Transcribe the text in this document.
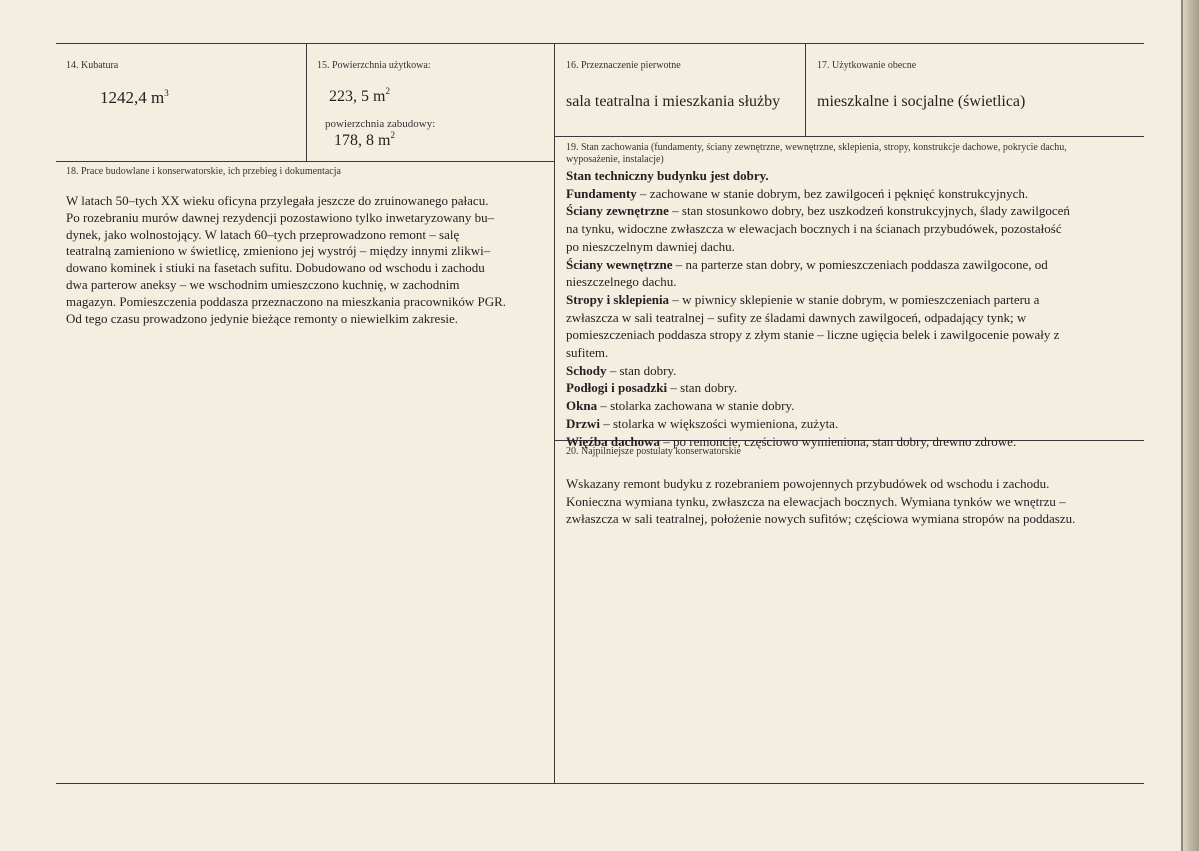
14. Kubatura
1242,4 $m^3$
15. Powierzchnia użytkowa:
223, 5 $m^2$
powierzchnia zabudowy:
178, 8 $m^2$
16. Przeznaczenie pierwotne
sala teatralna i mieszkania służby
17. Użytkowanie obecne
mieszkalne i socjalne (świetlica)
18. Prace budowlane i konserwatorskie, ich przebieg i dokumentacja

W latach 50–tych XX wieku oficyna przylegała jeszcze do zruinowanego pałacu.

Po rozebraniu murów dawnej rezydencji pozostawiono tylko inwetaryzowany bu–

dynek, jako wolnostojący. W latach 60–tych przeprowadzono remont – salę

teatralną zamieniono w świetlicę, zmieniono jej wystrój – między innymi zlikwi–

dowano kominek i stiuki na fasetach sufitu. Dobudowano od wschodu i zachodu

dwa parterow aneksy – we wschodnim umieszczono kuchnię, w zachodnim

magazyn. Pomieszczenia poddasza przeznaczono na mieszkania pracowników PGR.

Od tego czasu prowadzono jedynie bieżące remonty o niewielkim zakresie.

19. Stan zachowania (fundamenty, ściany zewnętrzne, wewnętrzne, sklepienia, stropy, konstrukcje dachowe, pokrycie dachu,
wyposażenie, instalacje)
Stan techniczny budynku jest dobry.
Fundamenty – zachowane w stanie dobrym, bez zawilgoceń i pęknięć konstrukcyjnych.
Ściany zewnętrzne – stan stosunkowo dobry, bez uszkodzeń konstrukcyjnych, ślady zawilgoceń
na tynku, widoczne zwłaszcza w elewacjach bocznych i na ścianach przybudówek, pozostałość
po nieszczelnym dawniej dachu.
Ściany wewnętrzne – na parterze stan dobry, w pomieszczeniach poddasza zawilgocone, od
nieszczelnego dachu.
Stropy i sklepienia – w piwnicy sklepienie w stanie dobrym, w pomieszczeniach parteru a
zwłaszcza w sali teatralnej – sufity ze śladami dawnych zawilgoceń, odpadający tynk; w
pomieszczeniach poddasza stropy z złym stanie – liczne ugięcia belek i zawilgocenie powały z
sufitem.
Schody – stan dobry.
Podłogi i posadzki – stan dobry.
Okna – stolarka zachowana w stanie dobry.
Drzwi – stolarka w większości wymieniona, zużyta.
Więźba dachowa – po remoncie, częściowo wymieniona, stan dobry, drewno zdrowe.
20. Najpilniejsze postulaty konserwatorskie

Wskazany remont budyku z rozebraniem powojennych przybudówek od wschodu i zachodu.

Konieczna wymiana tynku, zwłaszcza na elewacjach bocznych. Wymiana tynków we wnętrzu –

zwłaszcza w sali teatralnej, położenie nowych sufitów; częściowa wymiana stropów na poddaszu.
